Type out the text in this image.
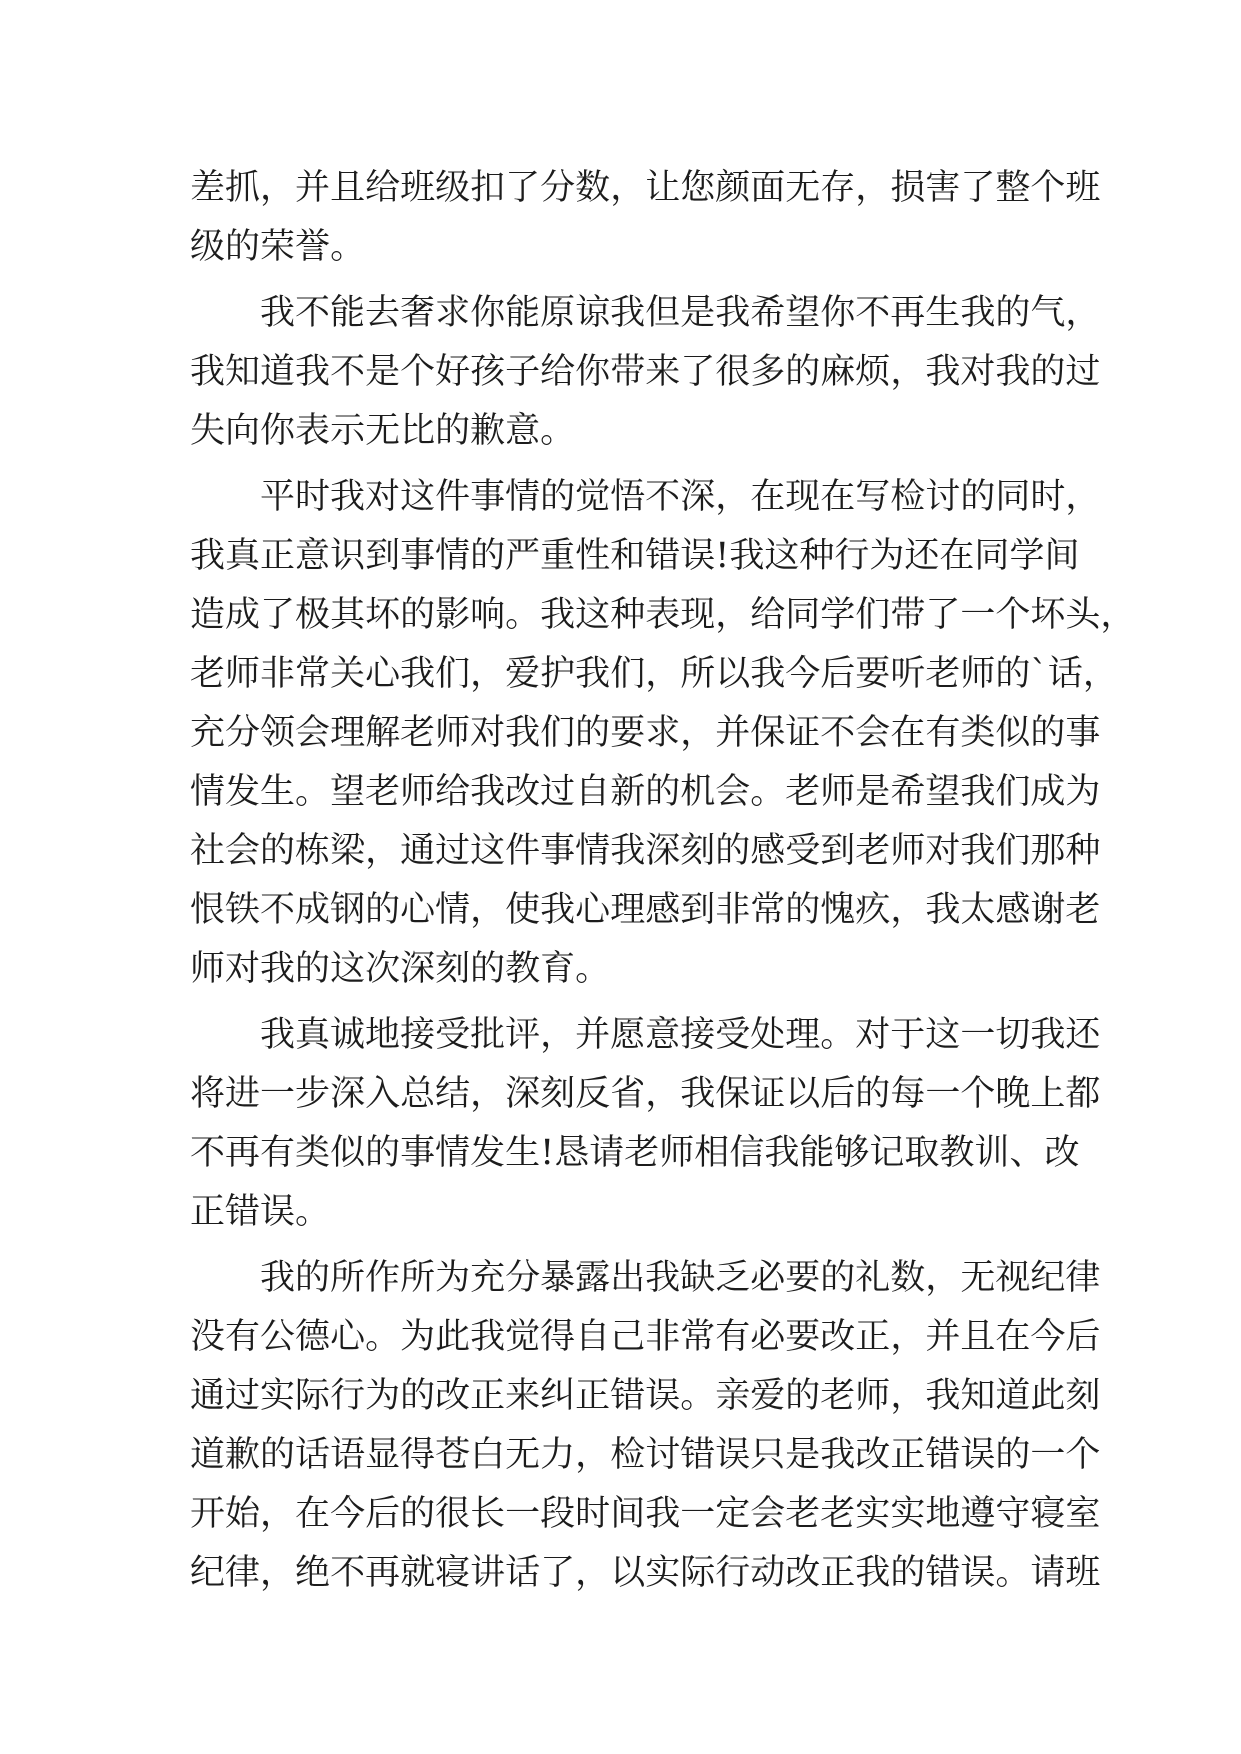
差 抓 ， 并 且 给 班 级 扣 了 分 数 ， 让 您 颜 面 无 存 ， 损 害 了 整 个 班
级 的 荣 誉 。
我 不 能 去 奢 求 你 能 原 谅 我 但 是 我 希 望 你 不 再 生 我 的 气 ，
我 知 道 我 不 是 个 好 孩 子 给 你 带 来 了 很 多 的 麻 烦 ， 我 对 我 的 过
失 向 你 表 示 无 比 的 歉 意 。
平 时 我 对 这 件 事 情 的 觉 悟 不 深 ， 在 现 在 写 检 讨 的 同 时 ，
我 真 正 意 识 到 事 情 的 严 重 性 和 错 误 ! 我 这 种 行 为 还 在 同 学 间
造 成 了 极 其 坏 的 影 响 。 我 这 种 表 现 ， 给 同 学 们 带 了 一 个 坏 头 ，
老 师 非 常 关 心 我 们 ， 爱 护 我 们 ， 所 以 我 今 后 要 听 老 师 的 ` 话 ，
充 分 领 会 理 解 老 师 对 我 们 的 要 求 ， 并 保 证 不 会 在 有 类 似 的 事
情 发 生 。 望 老 师 给 我 改 过 自 新 的 机 会 。 老 师 是 希 望 我 们 成 为
社 会 的 栋 梁 ， 通 过 这 件 事 情 我 深 刻 的 感 受 到 老 师 对 我 们 那 种
恨 铁 不 成 钢 的 心 情 ， 使 我 心 理 感 到 非 常 的 愧 疚 ， 我 太 感 谢 老
师 对 我 的 这 次 深 刻 的 教 育 。
我 真 诚 地 接 受 批 评 ， 并 愿 意 接 受 处 理 。 对 于 这 一 切 我 还
将 进 一 步 深 入 总 结 ， 深 刻 反 省 ， 我 保 证 以 后 的 每 一 个 晚 上 都
不 再 有 类 似 的 事 情 发 生 ! 恳 请 老 师 相 信 我 能 够 记 取 教 训 、 改
正 错 误 。
我 的 所 作 所 为 充 分 暴 露 出 我 缺 乏 必 要 的 礼 数 ， 无 视 纪 律
没 有 公 德 心 。 为 此 我 觉 得 自 己 非 常 有 必 要 改 正 ， 并 且 在 今 后
通 过 实 际 行 为 的 改 正 来 纠 正 错 误 。 亲 爱 的 老 师 ， 我 知 道 此 刻
道 歉 的 话 语 显 得 苍 白 无 力 ， 检 讨 错 误 只 是 我 改 正 错 误 的 一 个
开 始 ， 在 今 后 的 很 长 一 段 时 间 我 一 定 会 老 老 实 实 地 遵 守 寝 室
纪 律 ， 绝 不 再 就 寝 讲 话 了 ， 以 实 际 行 动 改 正 我 的 错 误 。 请 班
